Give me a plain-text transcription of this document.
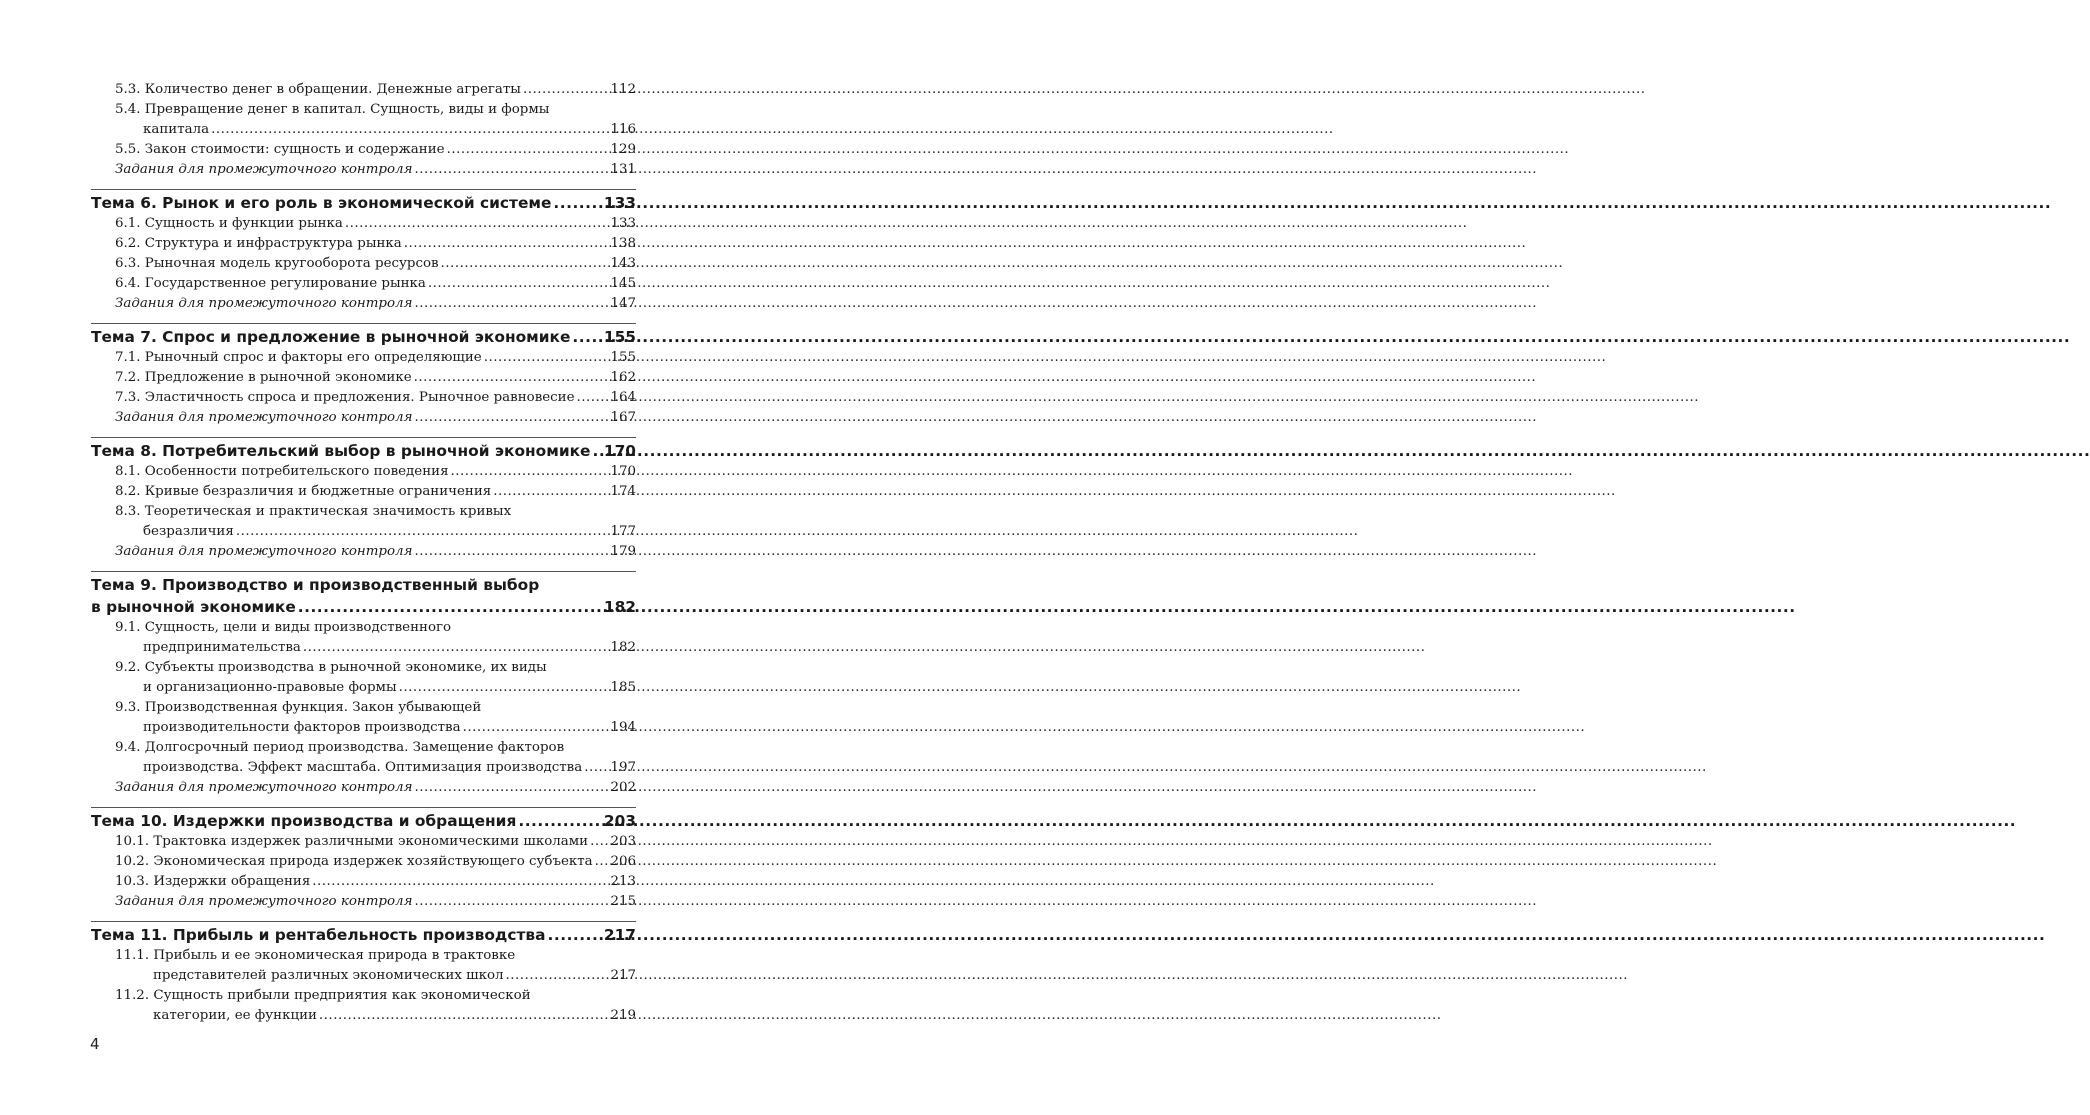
5.3. Количество денег в обращении. Денежные агрегаты .....	112
5.4. Превращение денег в капитал. Сущность, виды и формы
капитала .....	116
5.5. Закон стоимости: сущность и содержание .....	129
Задания для промежуточного контроля .....	131
Тема 6. Рынок и его роль в экономической системе .....	133
6.1. Сущность и функции рынка .....	133
6.2. Структура и инфраструктура рынка .....	138
6.3. Рыночная модель кругооборота ресурсов .....	143
6.4. Государственное регулирование рынка .....	145
Задания для промежуточного контроля .....	147
Тема 7. Спрос и предложение в рыночной экономике ..... 155
7.1. Рыночный спрос и факторы его определяющие .....	155
7.2. Предложение в рыночной экономике .....	162
7.3. Эластичность спроса и предложения. Рыночное равновесие .....	164
Задания для промежуточного контроля .....	167
Тема 8. Потребительский выбор в рыночной экономике ..... 170
8.1. Особенности потребительского поведения .....	170
8.2. Кривые безразличия и бюджетные ограничения .....	174
8.3. Теоретическая и практическая значимость кривых
безразличия .....	177
Задания для промежуточного контроля .....	179
Тема 9. Производство и производственный выбор
в рыночной экономике .....	182
9.1. Сущность, цели и виды производственного
предпринимательства .....	182
9.2. Субъекты производства в рыночной экономике, их виды
и организационно-правовые формы .....	185
9.3. Производственная функция. Закон убывающей
производительности факторов производства .....	194
9.4. Долгосрочный период производства. Замещение факторов
производства. Эффект масштаба. Оптимизация производства ..... 197
Задания для промежуточного контроля .....	202
Тема 10. Издержки производства и обращения .....	203
10.1. Трактовка издержек различными экономическими школами ..... 203
10.2. Экономическая природа издержек хозяйствующего субъекта ..... 206
10.3. Издержки обращения .....	213
Задания для промежуточного контроля .....	215
Тема 11. Прибыль и рентабельность производства .....	217
11.1. Прибыль и ее экономическая природа в трактовке
представителей различных экономических школ .....	217
11.2. Сущность прибыли предприятия как экономической
категории, ее функции .....	219
4
